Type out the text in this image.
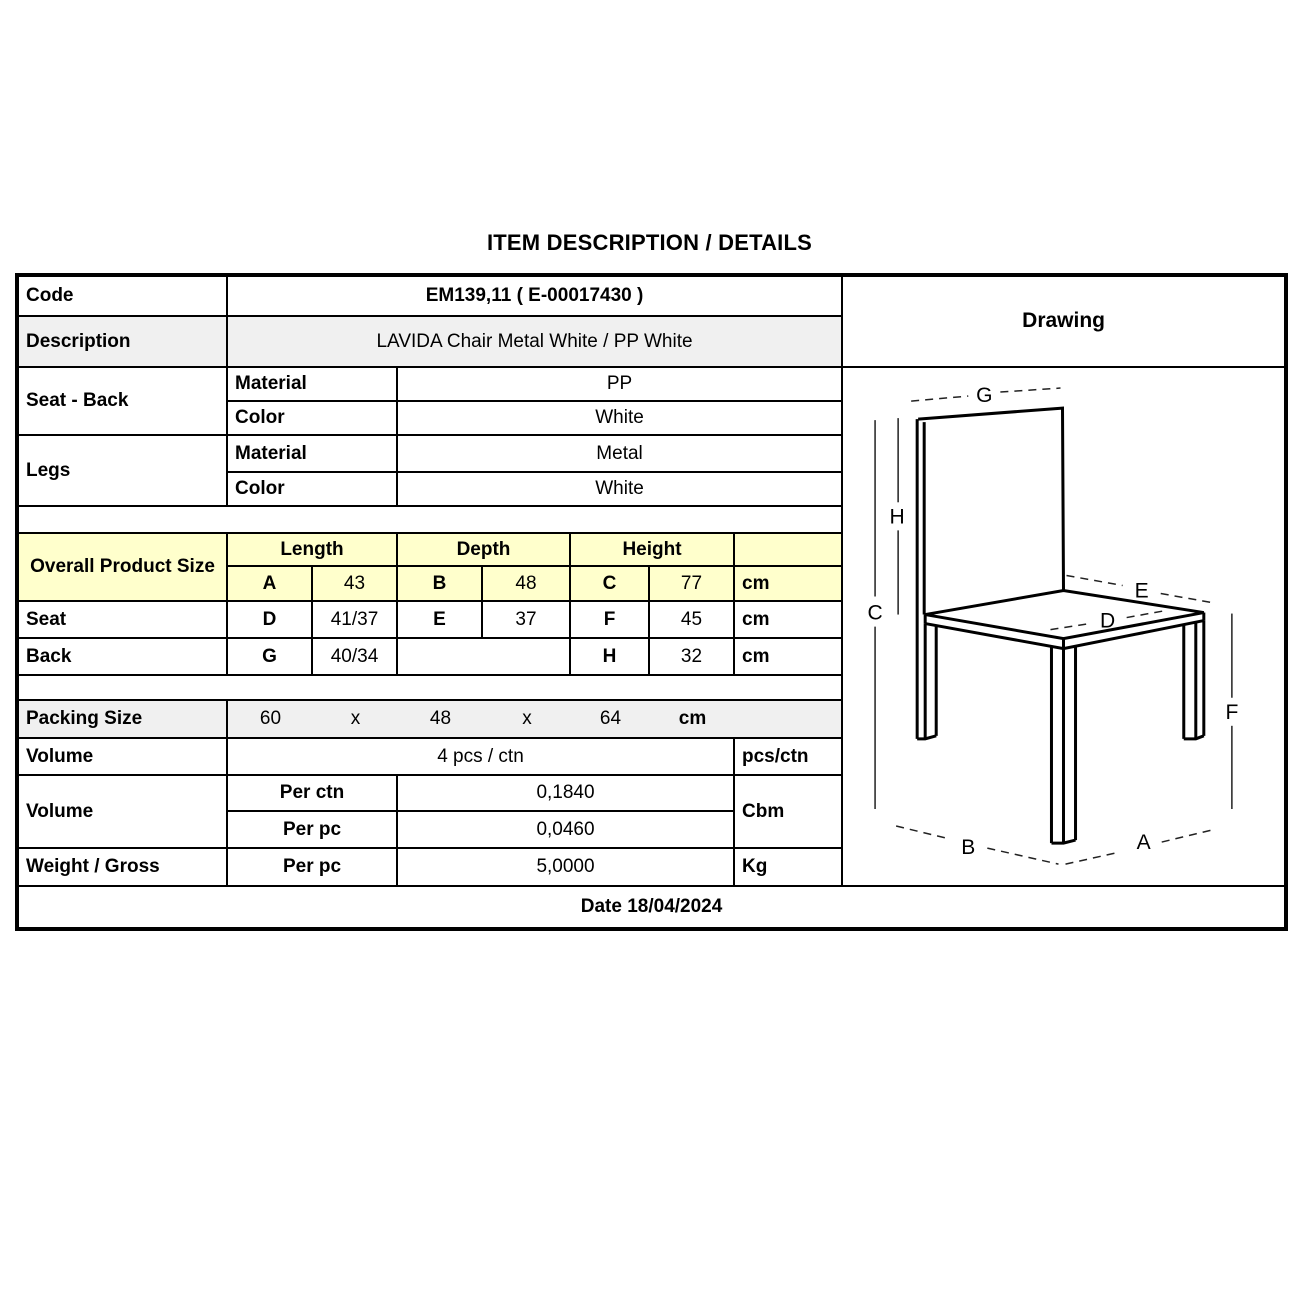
ITEM DESCRIPTION / DETAILS
Code	EM139,11 ( E-00017430 )							Drawing
Description	LAVIDA Chair Metal White / PP White							
Seat - Back	Material	PP	
G
H
C
E
D
F
B	A

	Color		White					
Legs	Material		Metal					
	Color		White					

Overall Product Size	Length		Depth		Height			
	A	43	B	48	C	77	cm	
Seat	D	41/37	E	37	F	45	cm	
Back	G	40/34			H	32	cm	

Packing Size	60	x	48	x	64	cm

Volume	4 pcs / ctn						pcs/ctn	
Volume	Per ctn		0,1840				Cbm	
	Per pc		0,0460					
Weight / Gross	Per pc		5,0000				Kg	
Date 18/04/2024								
